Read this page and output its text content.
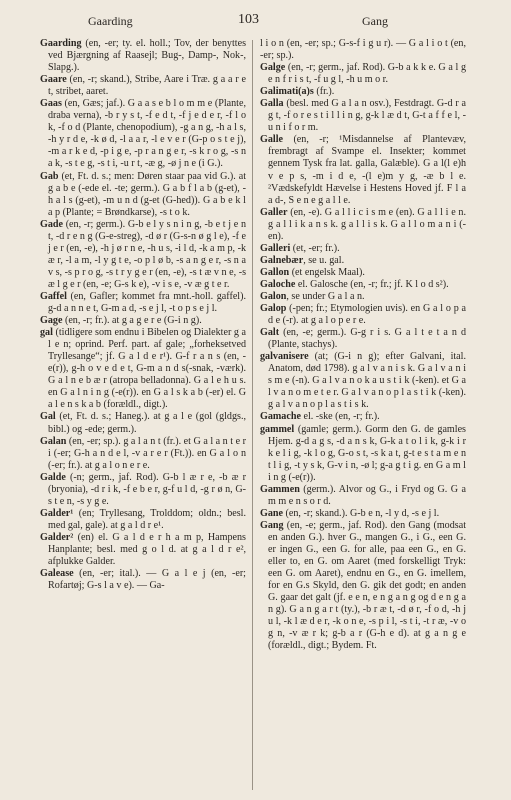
Gaarding	103	Gang

Gaarding (en, -er; ty. el. holl.; Tov, der benyttes ved Bjærgning af Raasejl; Bug-, Damp-, Nok-, Slapg.).

Gaare (en, -r; skand.), Stribe, Aare i Træ. g a a r e t, stribet, aaret.

Gaas (en, Gæs; jaf.). G a a s e b l o m m e (Plante, draba verna), -b r y s t, -f e d t, -f j e d e r, -f l o k, -f o d (Plante, chenopodium), -g a n g, -h a l s, -h y r d e, -k ø d, -l a a r, -l e v e r (G-p o s t e j), -m a r k e d, -p i g e, -p r a n g e r, -s k r o g, -s n a k, -s t e g, -s t i, -u r t, -æ g, -ø j n e (i G.).

Gab (et, Ft. d. s.; men: Døren staar paa vid G.). at g a b e (-ede el. -te; germ.). G a b f l a b (g-et), -h a l s (g-et), -m u n d (g-et (G-hed)). G a b e k l a p (Plante; = Brøndkarse), -s t o k.

Gade (en, -r; germ.). G-b e l y s n i n g, -b e t j e n t, -d r e n g (G-e-streg), -d ø r (G-s-n ø g l e), -f e j e r (en, -e), -h j ø r n e, -h u s, -i l d, -k a m p, -k æ r, -l a m, -l y g t e, -o p l ø b, -s a n g e r, -s n a v s, -s p r o g, -s t r y g e r (en, -e), -s t æ v n e, -s æ l g e r (en, -e; G-s k e), -v i s e, -v æ g t e r.

Gaffel (en, Gafler; kommet fra mnt.-holl. gaffel). g-d a n n e t, G-m a d, -s e j l, -t o p s e j l.

Gage (en, -r; fr.). at g a g e r e (G-i n g).

gal (tidligere som endnu i Bibelen og Dialekter g a l e n; oprind. Perf. part. af gale; „forheksetved Tryllesange“; jf. G a l d e r¹). G-f r a n s (en, -e(r)), g-h o v e d e t, G-m a n d s(-snak, -værk). G a l n e b æ r (atropa belladonna). G a l e h u s. en G a l n i n g (-e(r)). en G a l s k a b (-er) el. G a l e n s k a b (forældl., digt.).

Gal (et, Ft. d. s.; Haneg.). at g a l e (gol (gldgs., bibl.) og -ede; germ.).

Galan (en, -er; sp.). g a l a n t (fr.). et G a l a n t e r i (-er; G-h a n d e l, -v a r e r (Ft.)). en G a l o n (-er; fr.). at g a l o n e r e.

Galde (-n; germ., jaf. Rod). G-b l æ r e, -b æ r (bryonia), -d r i k, -f e b e r, g-f u l d, -g r ø n, G-s t e n, -s y g e.

Galder¹ (en; Tryllesang, Trolddom; oldn.; besl. med gal, gale). at g a l d r e¹.

Galder² (en) el. G a l d e r h a m p, Hampens Hanplante; besl. med g o l d. at g a l d r e², afplukke Galder.

Galease (en, -er; ital.). — G a l e j (en, -er; Rofartøj; G-s l a v e). — Ga-

l i o n (en, -er; sp.; G-s-f i g u r). — G a l i o t (en, -er; sp.).

Galge (en, -r; germ., jaf. Rod). G-b a k k e. G a l g e n f r i s t, -f u g l, -h u m o r.

Galimati(a)s (fr.).

Galla (besl. med G a l a n osv.), Festdragt. G-d r a g t, -f o r e s t i l l i n g, g-k l æ d t, G-t a f f e l, -u n i f o r m.

Galle (en, -r; ¹Misdannelse af Plantevæv, frembragt af Svampe el. Insekter; kommet gennem Tysk fra lat. galla, Galæble). G a l(l e)h v e p s, -m i d e, -(l e)m y g, -æ b l e. ²Vædskefyldt Hævelse i Hestens Hoved jf. F l a a d-, S e n e g a l l e.

Galler (en, -e). G a l l i c i s m e (en). G a l l i e n. g a l l i k a n s k. g a l l i s k. G a l l o m a n i (-en).

Galleri (et, -er; fr.).

Galnebær, se u. gal.

Gallon (et engelsk Maal).

Galoche el. Galosche (en, -r; fr.; jf. K l o d s²).

Galon, se under G a l a n.

Galop (-pen; fr.; Etymologien uvis). en G a l o p a d e (-r). at g a l o p e r e.

Galt (en, -e; germ.). G-g r i s. G a l t e t a n d (Plante, stachys).

galvanisere (at; (G-i n g); efter Galvani, ital. Anatom, død 1798). g a l v a n i s k. G a l v a n i s m e (-n). G a l v a n o k a u s t i k (-ken). et G a l v a n o m e t e r. G a l v a n o p l a s t i k (-ken). g a l v a n o p l a s t i s k.

Gamache el. -ske (en, -r; fr.).

gammel (gamle; germ.). Gorm den G. de gamles Hjem. g-d a g s, -d a n s k, G-k a t o l i k, g-k i r k e l i g, -k l o g, G-o s t, -s k a t, g-t e s t a m e n t l i g, -t y s k, G-v i n, -ø l; g-a g t i g. en G a m l i n g (-e(r)).

Gammen (germ.). Alvor og G., i Fryd og G. G a m m e n s o r d.

Gane (en, -r; skand.). G-b e n, -l y d, -s e j l.

Gang (en, -e; germ., jaf. Rod). den Gang (modsat en anden G.). hver G., mangen G., i G., een G. er ingen G., een G. for alle, paa een G., en G. eller to, en G. om Aaret (med forskelligt Tryk: een G. om Aaret), endnu en G., en G. imellem, for en G.s Skyld, den G. gik det godt; en anden G. gaar det galt (jf. e e n, e n g a n g og d e n g a n g). G a n g a r t (ty.), -b r æ t, -d ø r, -f o d, -h j u l, -k l æ d e r, -k o n e, -s p i l, -s t i, -t r æ, -v o g n, -v æ r k; g-b a r (G-h e d). at g a n g e (forældl., digt.; Bydem. Ft.
